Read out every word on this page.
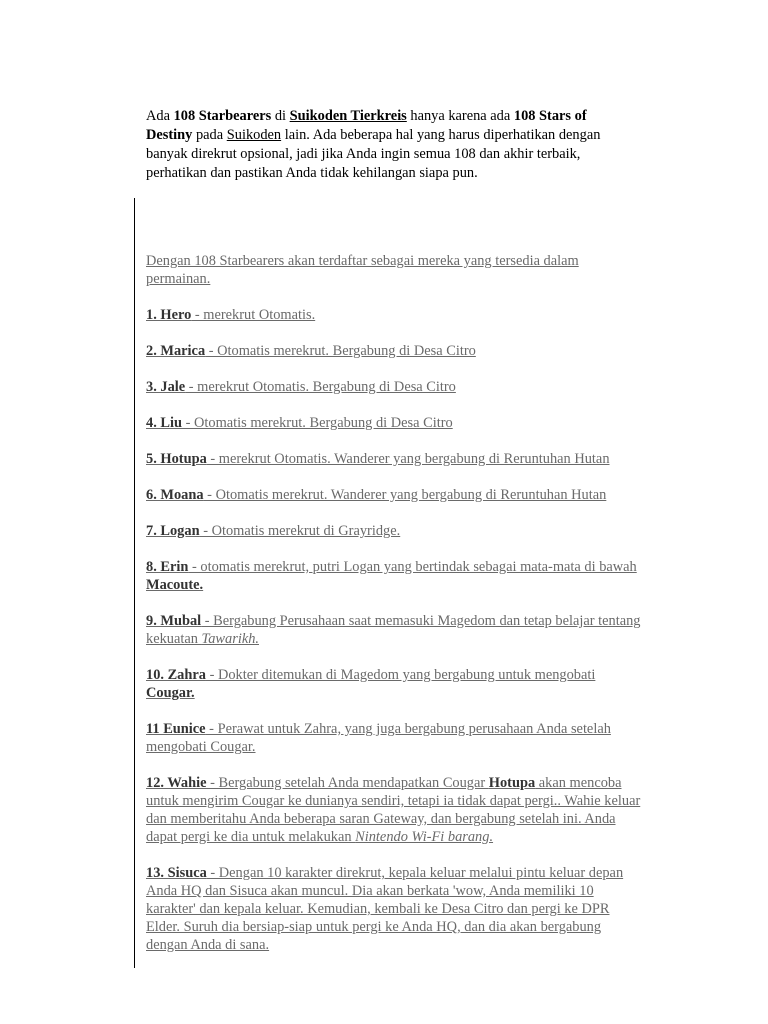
Ada 108 Starbearers di Suikoden Tierkreis hanya karena ada 108 Stars of Destiny pada Suikoden lain. Ada beberapa hal yang harus diperhatikan dengan banyak direkrut opsional, jadi jika Anda ingin semua 108 dan akhir terbaik, perhatikan dan pastikan Anda tidak kehilangan siapa pun.

Dengan 108 Starbearers akan terdaftar sebagai mereka yang tersedia dalam permainan.

1. Hero - merekrut Otomatis.

2. Marica - Otomatis merekrut. Bergabung di Desa Citro

3. Jale - merekrut Otomatis. Bergabung di Desa Citro

4. Liu - Otomatis merekrut. Bergabung di Desa Citro

5. Hotupa - merekrut Otomatis. Wanderer yang bergabung di Reruntuhan Hutan

6. Moana - Otomatis merekrut. Wanderer yang bergabung di Reruntuhan Hutan

7. Logan - Otomatis merekrut di Grayridge.

8. Erin - otomatis merekrut, putri Logan yang bertindak sebagai mata-mata di bawah Macoute.

9. Mubal - Bergabung Perusahaan saat memasuki Magedom dan tetap belajar tentang kekuatan Tawarikh.

10. Zahra - Dokter ditemukan di Magedom yang bergabung untuk mengobati Cougar.

11 Eunice - Perawat untuk Zahra, yang juga bergabung perusahaan Anda setelah mengobati Cougar.

12. Wahie - Bergabung setelah Anda mendapatkan Cougar Hotupa akan mencoba untuk mengirim Cougar ke dunianya sendiri, tetapi ia tidak dapat pergi.. Wahie keluar dan memberitahu Anda beberapa saran Gateway, dan bergabung setelah ini. Anda dapat pergi ke dia untuk melakukan Nintendo Wi-Fi barang.

13. Sisuca - Dengan 10 karakter direkrut, kepala keluar melalui pintu keluar depan Anda HQ dan Sisuca akan muncul. Dia akan berkata 'wow, Anda memiliki 10 karakter' dan kepala keluar. Kemudian, kembali ke Desa Citro dan pergi ke DPR Elder. Suruh dia bersiap-siap untuk pergi ke Anda HQ, dan dia akan bergabung dengan Anda di sana.
